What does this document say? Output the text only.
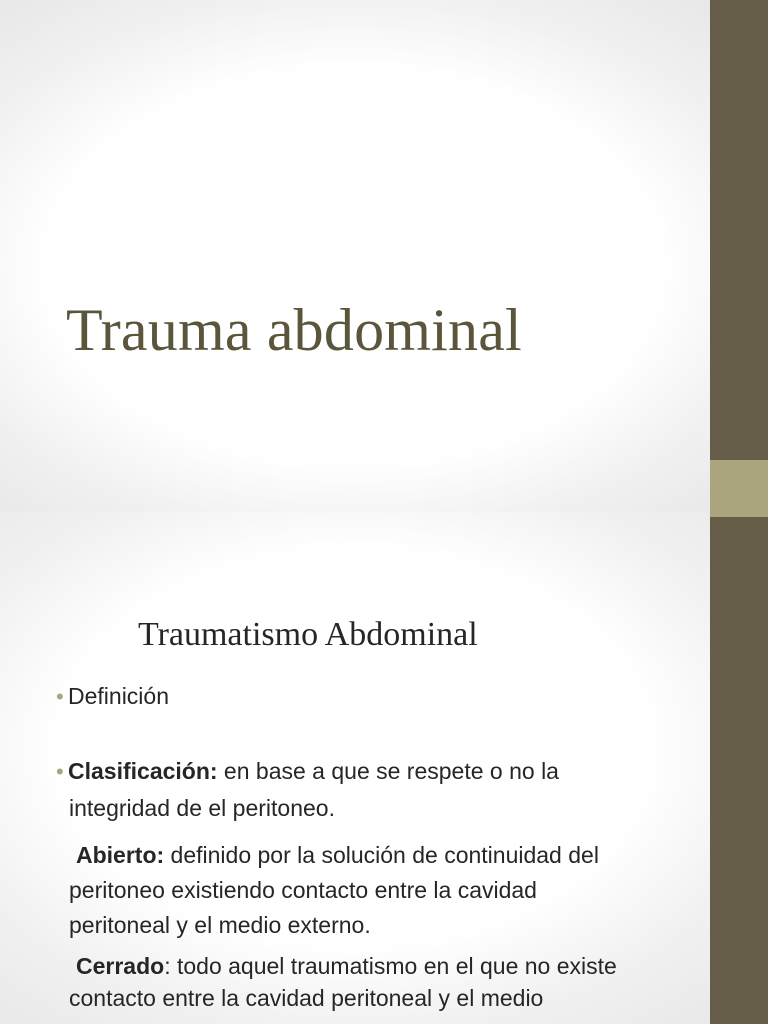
Trauma abdominal
Traumatismo Abdominal
• Definición
• Clasificación: en base a que se respete o no la
integridad de el peritoneo.
Abierto: definido por la solución de continuidad del
peritoneo existiendo contacto entre la cavidad
peritoneal y el medio externo.
Cerrado: todo aquel traumatismo en el que no existe
contacto entre la cavidad peritoneal y el medio
